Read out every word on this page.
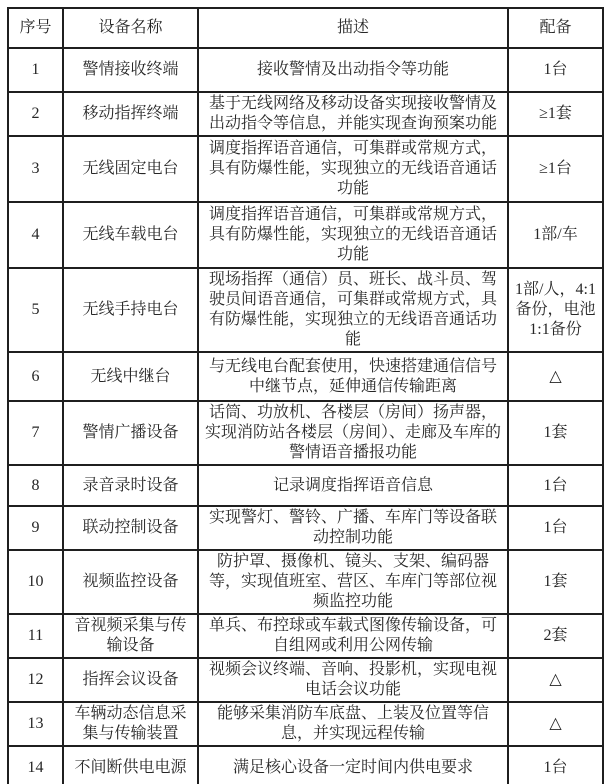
序号	设备名称	描述	配备
1	警情接收终端	接收警情及出动指令等功能	1台
2	移动指挥终端	基于无线网络及移动设备实现接收警情及出动指令等信息，并能实现查询预案功能	≥1套
3	无线固定电台	调度指挥语音通信，可集群或常规方式，具有防爆性能，实现独立的无线语音通话功能	≥1台
4	无线车载电台	调度指挥语音通信，可集群或常规方式，具有防爆性能，实现独立的无线语音通话功能	1部/车
5	无线手持电台	现场指挥（通信）员、班长、战斗员、驾驶员间语音通信，可集群或常规方式，具有防爆性能，实现独立的无线语音通话功能	1部/人，4:1备份，电池1:1备份
6	无线中继台	与无线电台配套使用，快速搭建通信信号中继节点，延伸通信传输距离	△
7	警情广播设备	话筒、功放机、各楼层（房间）扬声器，实现消防站各楼层（房间）、走廊及车库的警情语音播报功能	1套
8	录音录时设备	记录调度指挥语音信息	1台
9	联动控制设备	实现警灯、警铃、广播、车库门等设备联动控制功能	1台
10	视频监控设备	防护罩、摄像机、镜头、支架、编码器等，实现值班室、营区、车库门等部位视频监控功能	1套
11	音视频采集与传输设备	单兵、布控球或车载式图像传输设备，可自组网或利用公网传输	2套
12	指挥会议设备	视频会议终端、音响、投影机，实现电视电话会议功能	△
13	车辆动态信息采集与传输装置	能够采集消防车底盘、上装及位置等信息，并实现远程传输	△
14	不间断供电电源	满足核心设备一定时间内供电要求	1台
